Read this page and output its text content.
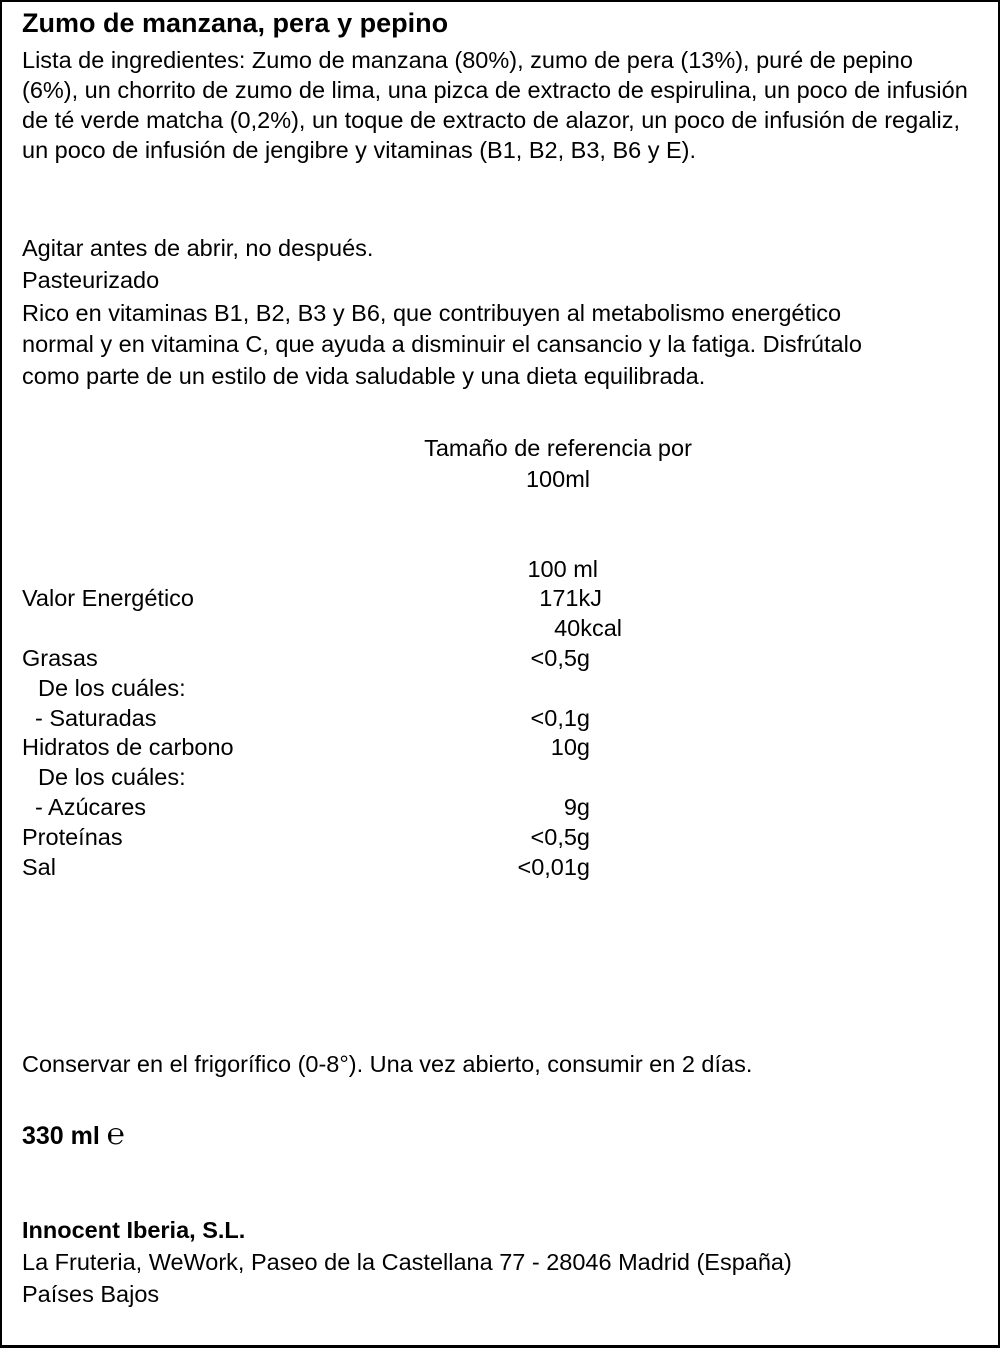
Zumo de manzana, pera y pepino
Lista de ingredientes: Zumo de manzana (80%), zumo de pera (13%), puré de pepino (6%), un chorrito de zumo de lima, una pizca de extracto de espirulina, un poco de infusión de té verde matcha (0,2%), un toque de extracto de alazor, un poco de infusión de regaliz, un poco de infusión de jengibre y vitaminas (B1, B2, B3, B6 y E).
Agitar antes de abrir, no después.
Pasteurizado
Rico en vitaminas B1, B2, B3 y B6, que contribuyen al metabolismo energético
normal y en vitamina C, que ayuda a disminuir el cansancio y la fatiga. Disfrútalo
como parte de un estilo de vida saludable y una dieta equilibrada.
Tamaño de referencia por
100ml
100 ml
Valor Energético	171kJ
40kcal
Grasas	<0,5g
De los cuáles:
- Saturadas	<0,1g
Hidratos de carbono	10g
De los cuáles:
- Azúcares	9g
Proteínas	<0,5g
Sal	<0,01g
Conservar en el frigorífico (0-8°). Una vez abierto, consumir en 2 días.
330 ml ℮
Innocent Iberia, S.L.
La Fruteria, WeWork, Paseo de la Castellana 77 - 28046 Madrid (España)
Países Bajos
